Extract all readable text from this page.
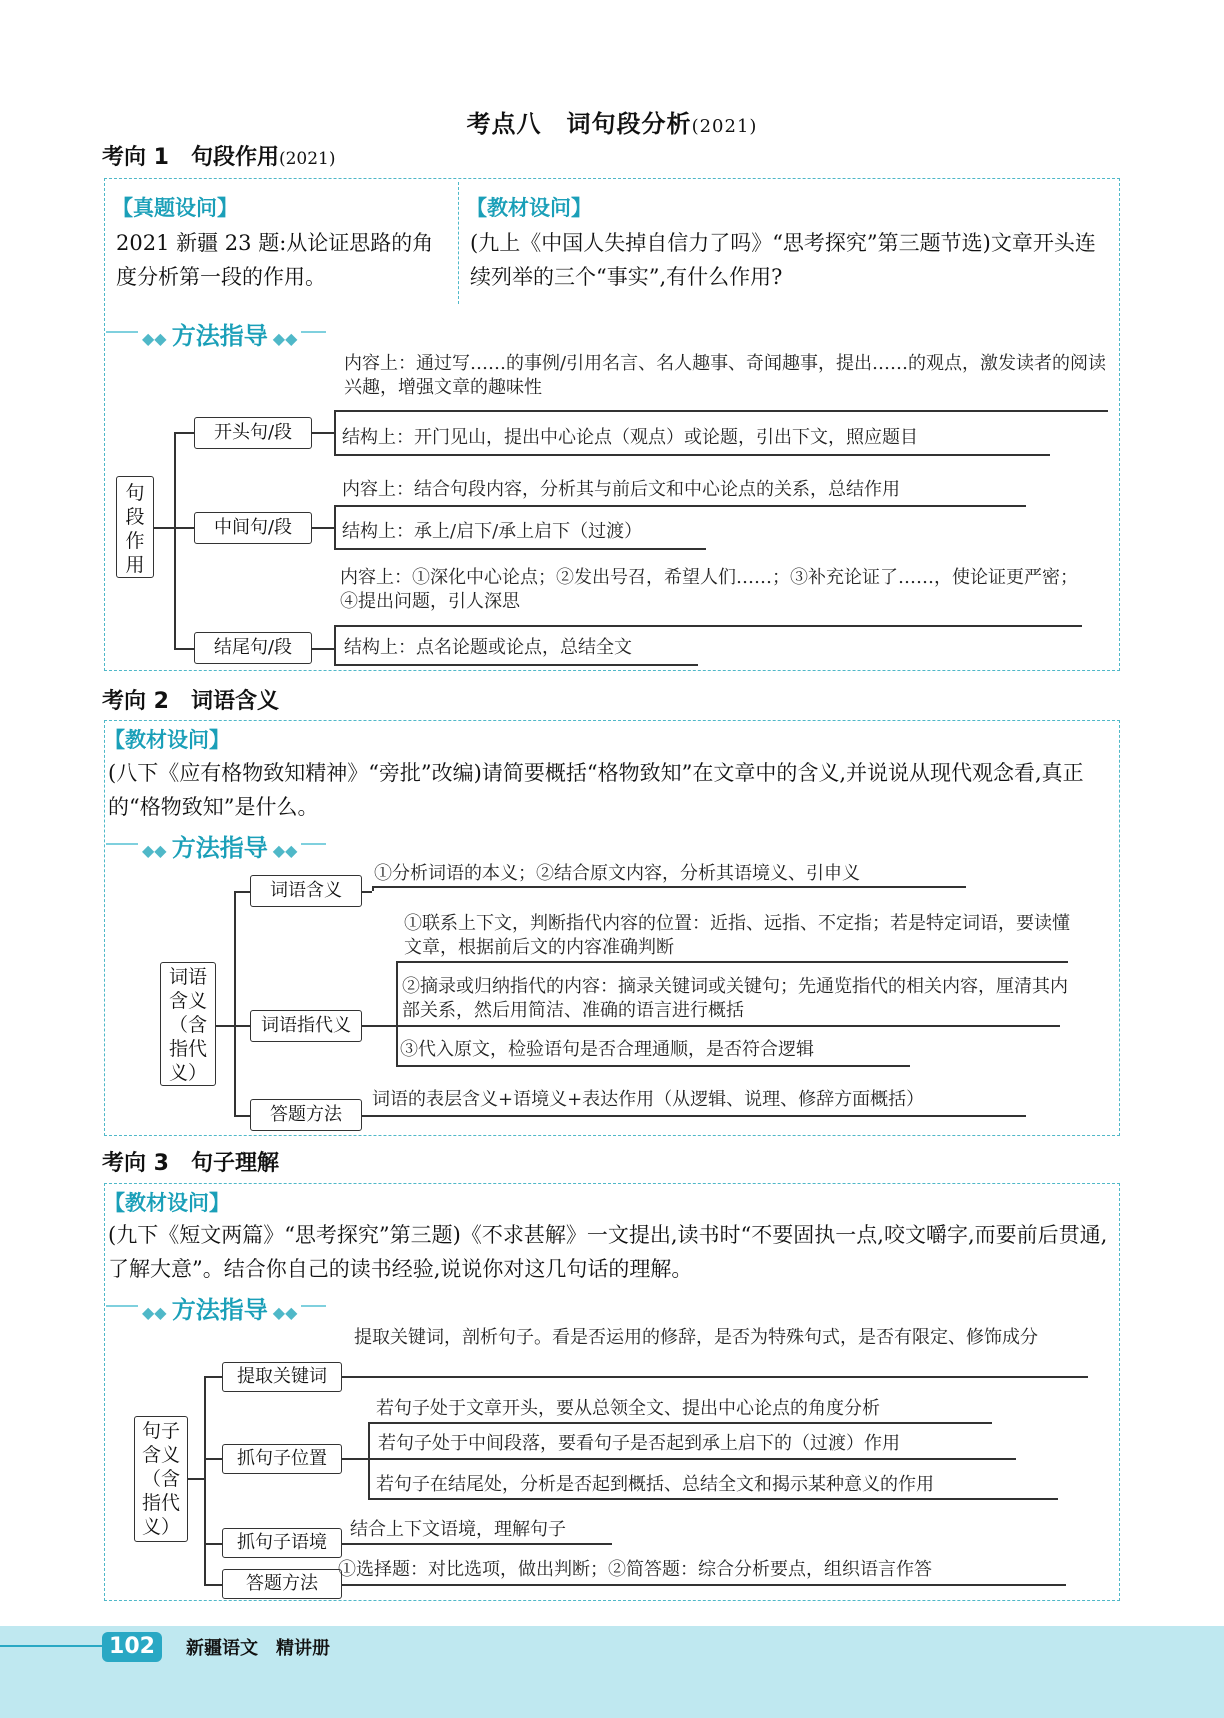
考点八　词句段分析(2021)
考向 1　句段作用(2021)
【真题设问】
2021 新疆 23 题:从论证思路的角度分析第一段的作用。
【教材设问】
(九上《中国人失掉自信力了吗》“思考探究”第三题节选)文章开头连续列举的三个“事实”,有什么作用?
◆◆ 方法指导 ◆◆
句段作用
开头句/段
中间句/段
结尾句/段
内容上：通过写……的事例/引用名言、名人趣事、奇闻趣事，提出……的观点，激发读者的阅读兴趣，增强文章的趣味性
结构上：开门见山，提出中心论点（观点）或论题，引出下文，照应题目
内容上：结合句段内容，分析其与前后文和中心论点的关系，总结作用
结构上：承上/启下/承上启下（过渡）
内容上：①深化中心论点；②发出号召，希望人们……；③补充论证了……，使论证更严密；④提出问题，引人深思
结构上：点名论题或论点，总结全文
考向 2　词语含义
【教材设问】
(八下《应有格物致知精神》“旁批”改编)请简要概括“格物致知”在文章中的含义,并说说从现代观念看,真正的“格物致知”是什么。
◆◆ 方法指导 ◆◆
词语含义（含指代义）
词语含义
词语指代义
答题方法
①分析词语的本义；②结合原文内容，分析其语境义、引申义
①联系上下文，判断指代内容的位置：近指、远指、不定指；若是特定词语，要读懂文章，根据前后文的内容准确判断
②摘录或归纳指代的内容：摘录关键词或关键句；先通览指代的相关内容，厘清其内部关系，然后用简洁、准确的语言进行概括
③代入原文，检验语句是否合理通顺，是否符合逻辑
词语的表层含义+语境义+表达作用（从逻辑、说理、修辞方面概括）
考向 3　句子理解
【教材设问】
(九下《短文两篇》“思考探究”第三题)《不求甚解》一文提出,读书时“不要固执一点,咬文嚼字,而要前后贯通,了解大意”。结合你自己的读书经验,说说你对这几句话的理解。
◆◆ 方法指导 ◆◆
句子含义（含指代义）
提取关键词
抓句子位置
抓句子语境
答题方法
提取关键词，剖析句子。看是否运用的修辞，是否为特殊句式，是否有限定、修饰成分
若句子处于文章开头，要从总领全文、提出中心论点的角度分析
若句子处于中间段落，要看句子是否起到承上启下的（过渡）作用
若句子在结尾处，分析是否起到概括、总结全文和揭示某种意义的作用
结合上下文语境，理解句子
①选择题：对比选项，做出判断；②简答题：综合分析要点，组织语言作答
102	新疆语文　精讲册
